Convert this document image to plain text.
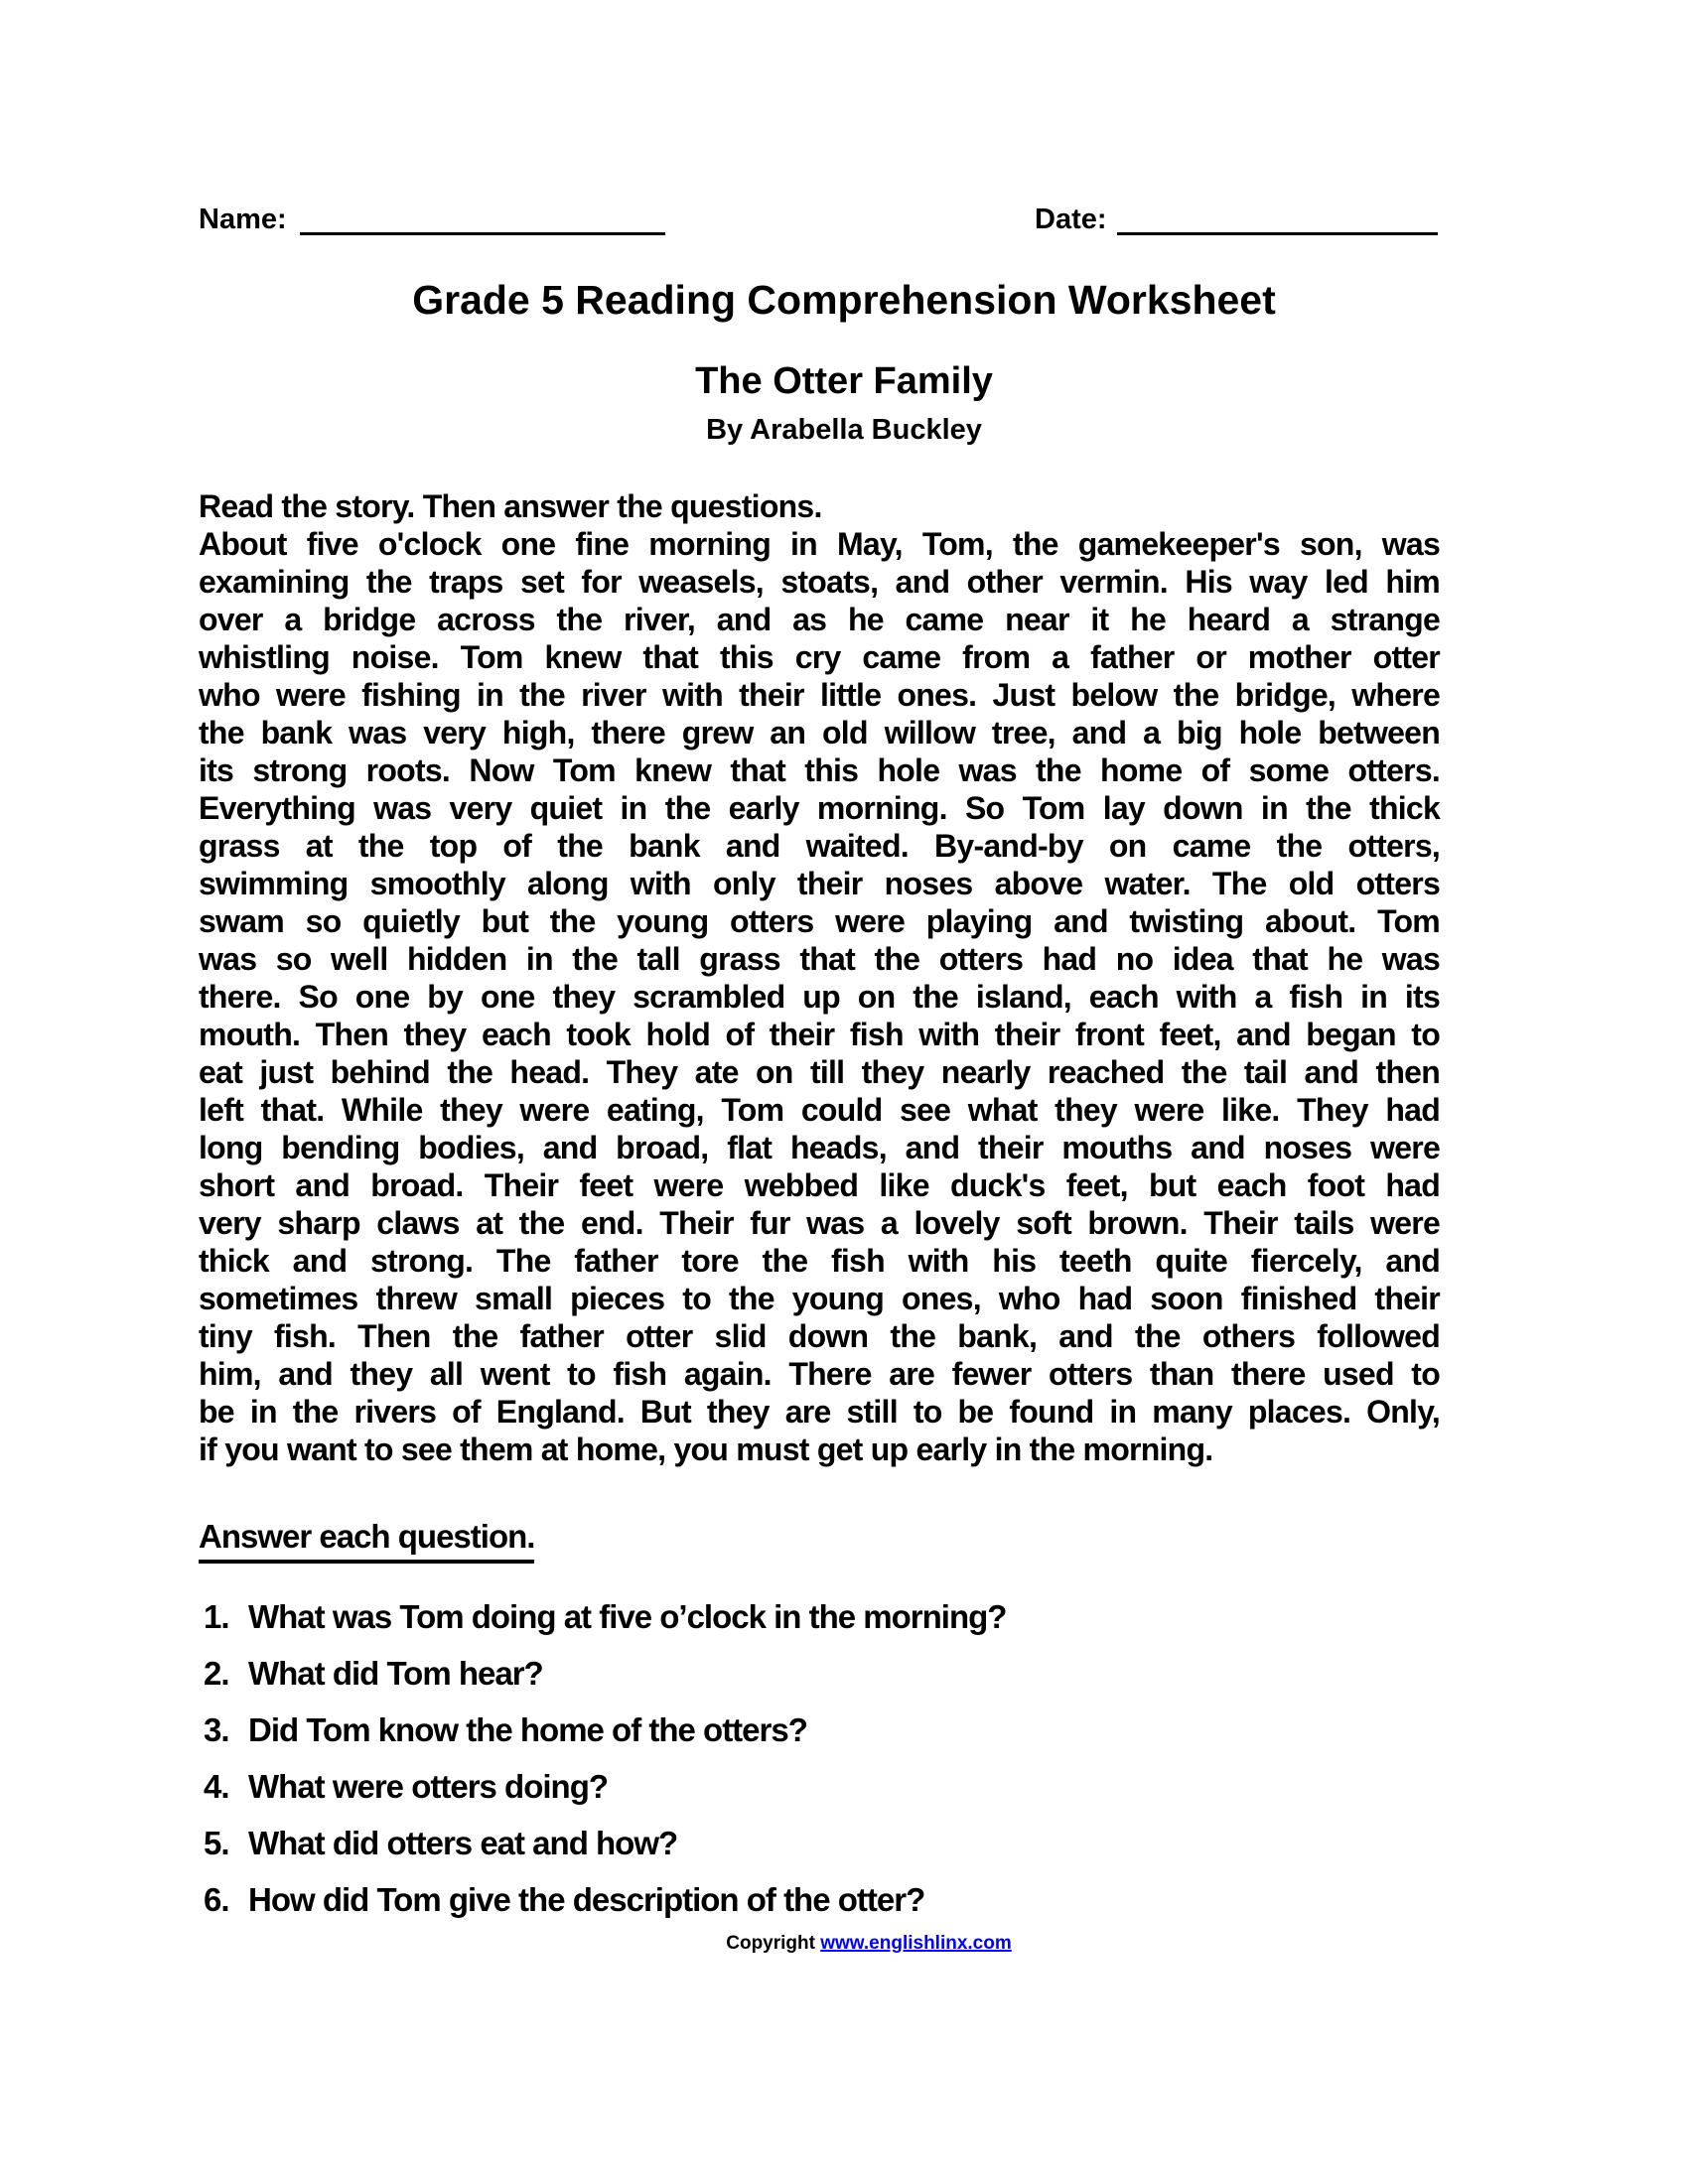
Name:	Date:
Grade 5 Reading Comprehension Worksheet
The Otter Family
By Arabella Buckley
Read the story. Then answer the questions.
About five o'clock one fine morning in May, Tom, the gamekeeper's son, was
examining the traps set for weasels, stoats, and other vermin. His way led him
over a bridge across the river, and as he came near it he heard a strange
whistling noise. Tom knew that this cry came from a father or mother otter
who were fishing in the river with their little ones. Just below the bridge, where
the bank was very high, there grew an old willow tree, and a big hole between
its strong roots. Now Tom knew that this hole was the home of some otters.
Everything was very quiet in the early morning. So Tom lay down in the thick
grass at the top of the bank and waited. By-and-by on came the otters,
swimming smoothly along with only their noses above water. The old otters
swam so quietly but the young otters were playing and twisting about. Tom
was so well hidden in the tall grass that the otters had no idea that he was
there. So one by one they scrambled up on the island, each with a fish in its
mouth. Then they each took hold of their fish with their front feet, and began to
eat just behind the head. They ate on till they nearly reached the tail and then
left that. While they were eating, Tom could see what they were like. They had
long bending bodies, and broad, flat heads, and their mouths and noses were
short and broad. Their feet were webbed like duck's feet, but each foot had
very sharp claws at the end. Their fur was a lovely soft brown. Their tails were
thick and strong. The father tore the fish with his teeth quite fiercely, and
sometimes threw small pieces to the young ones, who had soon finished their
tiny fish. Then the father otter slid down the bank, and the others followed
him, and they all went to fish again. There are fewer otters than there used to
be in the rivers of England. But they are still to be found in many places. Only,
if you want to see them at home, you must get up early in the morning.
Answer each question.
1. What was Tom doing at five o’clock in the morning?
2. What did Tom hear?
3. Did Tom know the home of the otters?
4. What were otters doing?
5. What did otters eat and how?
6. How did Tom give the description of the otter?
Copyright www.englishlinx.com
